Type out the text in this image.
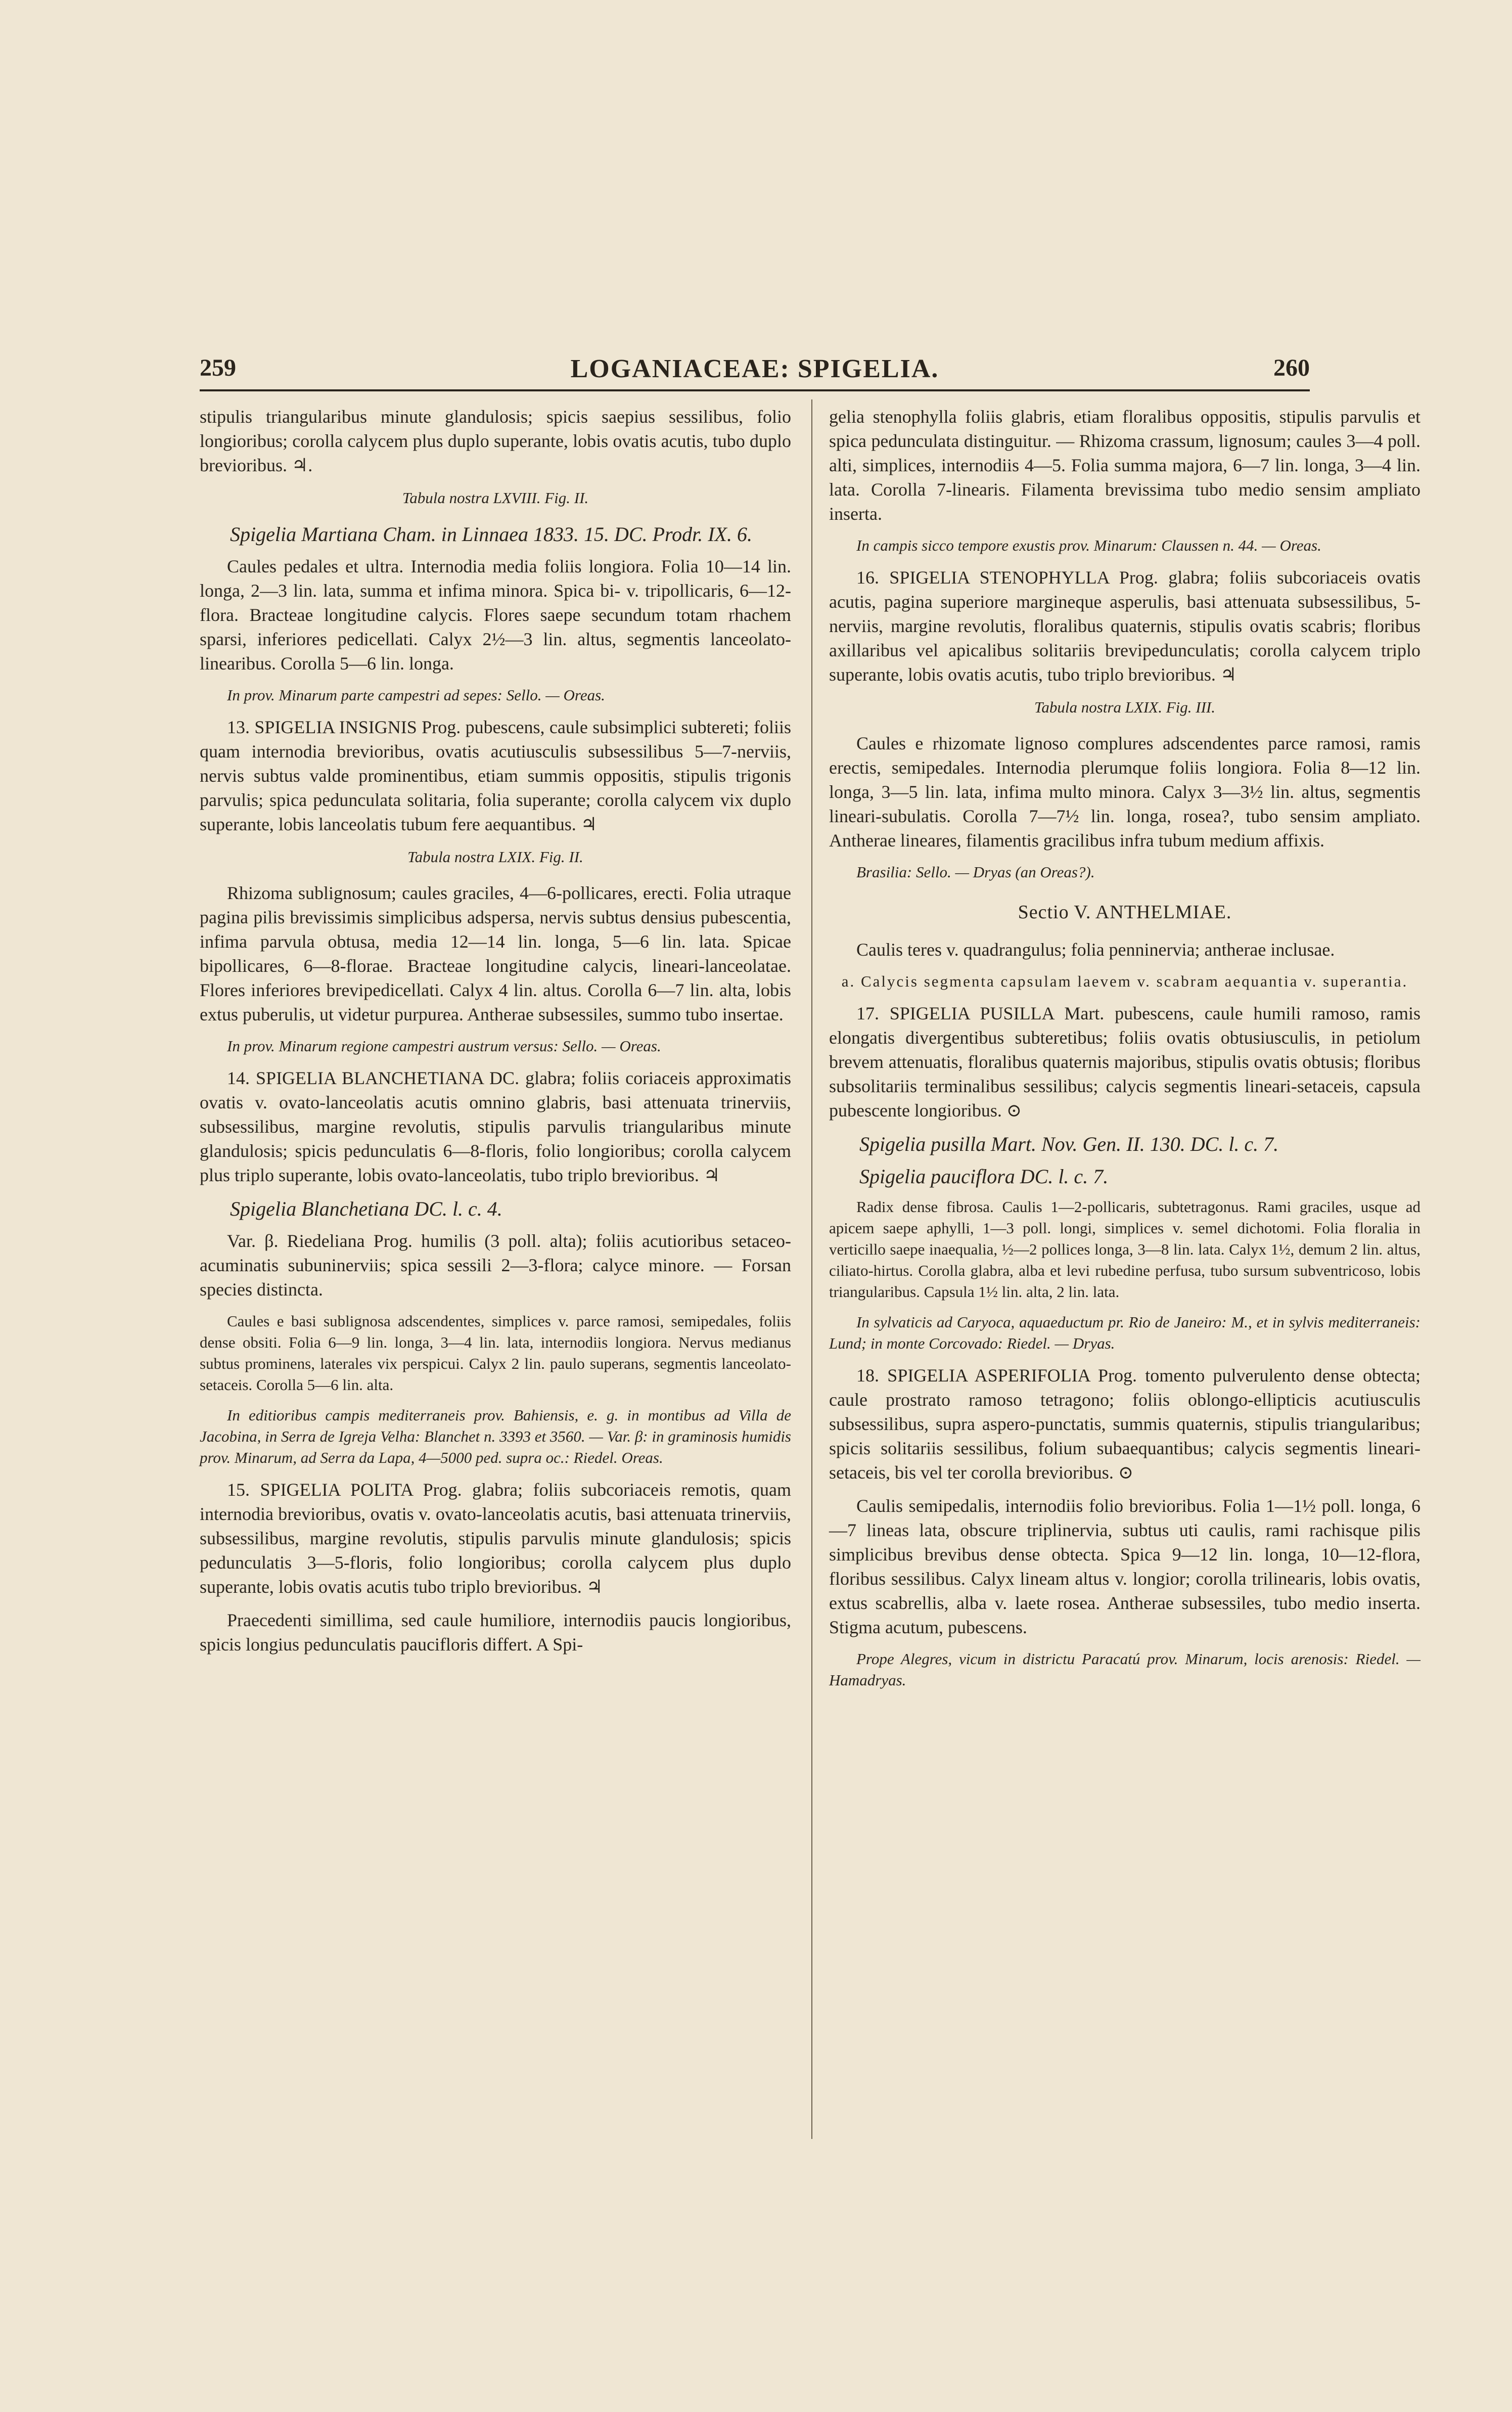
259	LOGANIACEAE: SPIGELIA.	260

stipulis triangularibus minute glandulosis; spicis saepius sessilibus, folio longioribus; corolla calycem plus duplo superante, lobis ovatis acutis, tubo duplo brevioribus. ♃.

Tabula nostra LXVIII. Fig. II.

Spigelia Martiana Cham. in Linnaea 1833. 15. DC. Prodr. IX. 6.

Caules pedales et ultra. Internodia media foliis longiora. Folia 10—14 lin. longa, 2—3 lin. lata, summa et infima minora. Spica bi- v. tripollicaris, 6—12-flora. Bracteae longitudine calycis. Flores saepe secundum totam rhachem sparsi, inferiores pedicellati. Calyx 2½—3 lin. altus, segmentis lanceolato-linearibus. Corolla 5—6 lin. longa.

In prov. Minarum parte campestri ad sepes: Sello. — Oreas.

13. SPIGELIA INSIGNIS Prog. pubescens, caule subsimplici subtereti; foliis quam internodia brevioribus, ovatis acutiusculis subsessilibus 5—7-nerviis, nervis subtus valde prominentibus, etiam summis oppositis, stipulis trigonis parvulis; spica pedunculata solitaria, folia superante; corolla calycem vix duplo superante, lobis lanceolatis tubum fere aequantibus. ♃

Tabula nostra LXIX. Fig. II.

Rhizoma sublignosum; caules graciles, 4—6-pollicares, erecti. Folia utraque pagina pilis brevissimis simplicibus adspersa, nervis subtus densius pubescentia, infima parvula obtusa, media 12—14 lin. longa, 5—6 lin. lata. Spicae bipollicares, 6—8-florae. Bracteae longitudine calycis, lineari-lanceolatae. Flores inferiores brevipedicellati. Calyx 4 lin. altus. Corolla 6—7 lin. alta, lobis extus puberulis, ut videtur purpurea. Antherae subsessiles, summo tubo insertae.

In prov. Minarum regione campestri austrum versus: Sello. — Oreas.

14. SPIGELIA BLANCHETIANA DC. glabra; foliis coriaceis approximatis ovatis v. ovato-lanceolatis acutis omnino glabris, basi attenuata trinerviis, subsessilibus, margine revolutis, stipulis parvulis triangularibus minute glandulosis; spicis pedunculatis 6—8-floris, folio longioribus; corolla calycem plus triplo superante, lobis ovato-lanceolatis, tubo triplo brevioribus. ♃

Spigelia Blanchetiana DC. l. c. 4.

Var. β. Riedeliana Prog. humilis (3 poll. alta); foliis acutioribus setaceo-acuminatis subuninerviis; spica sessili 2—3-flora; calyce minore. — Forsan species distincta.

Caules e basi sublignosa adscendentes, simplices v. parce ramosi, semipedales, foliis dense obsiti. Folia 6—9 lin. longa, 3—4 lin. lata, internodiis longiora. Nervus medianus subtus prominens, laterales vix perspicui. Calyx 2 lin. paulo superans, segmentis lanceolato-setaceis. Corolla 5—6 lin. alta.

In editioribus campis mediterraneis prov. Bahiensis, e. g. in montibus ad Villa de Jacobina, in Serra de Igreja Velha: Blanchet n. 3393 et 3560. — Var. β: in graminosis humidis prov. Minarum, ad Serra da Lapa, 4—5000 ped. supra oc.: Riedel. Oreas.

15. SPIGELIA POLITA Prog. glabra; foliis subcoriaceis remotis, quam internodia brevioribus, ovatis v. ovato-lanceolatis acutis, basi attenuata trinerviis, subsessilibus, margine revolutis, stipulis parvulis minute glandulosis; spicis pedunculatis 3—5-floris, folio longioribus; corolla calycem plus duplo superante, lobis ovatis acutis tubo triplo brevioribus. ♃

Praecedenti simillima, sed caule humiliore, internodiis paucis longioribus, spicis longius pedunculatis paucifloris differt. A Spi-

gelia stenophylla foliis glabris, etiam floralibus oppositis, stipulis parvulis et spica pedunculata distinguitur. — Rhizoma crassum, lignosum; caules 3—4 poll. alti, simplices, internodiis 4—5. Folia summa majora, 6—7 lin. longa, 3—4 lin. lata. Corolla 7-linearis. Filamenta brevissima tubo medio sensim ampliato inserta.

In campis sicco tempore exustis prov. Minarum: Claussen n. 44. — Oreas.

16. SPIGELIA STENOPHYLLA Prog. glabra; foliis subcoriaceis ovatis acutis, pagina superiore margineque asperulis, basi attenuata subsessilibus, 5-nerviis, margine revolutis, floralibus quaternis, stipulis ovatis scabris; floribus axillaribus vel apicalibus solitariis brevipedunculatis; corolla calycem triplo superante, lobis ovatis acutis, tubo triplo brevioribus. ♃

Tabula nostra LXIX. Fig. III.

Caules e rhizomate lignoso complures adscendentes parce ramosi, ramis erectis, semipedales. Internodia plerumque foliis longiora. Folia 8—12 lin. longa, 3—5 lin. lata, infima multo minora. Calyx 3—3½ lin. altus, segmentis lineari-subulatis. Corolla 7—7½ lin. longa, rosea?, tubo sensim ampliato. Antherae lineares, filamentis gracilibus infra tubum medium affixis.

Brasilia: Sello. — Dryas (an Oreas?).

Sectio V. ANTHELMIAE.

Caulis teres v. quadrangulus; folia penninervia; antherae inclusae.

a. Calycis segmenta capsulam laevem v. scabram aequantia v. superantia.

17. SPIGELIA PUSILLA Mart. pubescens, caule humili ramoso, ramis elongatis divergentibus subteretibus; foliis ovatis obtusiusculis, in petiolum brevem attenuatis, floralibus quaternis majoribus, stipulis ovatis obtusis; floribus subsolitariis terminalibus sessilibus; calycis segmentis lineari-setaceis, capsula pubescente longioribus. ⊙

Spigelia pusilla Mart. Nov. Gen. II. 130. DC. l. c. 7.

Spigelia pauciflora DC. l. c. 7.

Radix dense fibrosa. Caulis 1—2-pollicaris, subtetragonus. Rami graciles, usque ad apicem saepe aphylli, 1—3 poll. longi, simplices v. semel dichotomi. Folia floralia in verticillo saepe inaequalia, ½—2 pollices longa, 3—8 lin. lata. Calyx 1½, demum 2 lin. altus, ciliato-hirtus. Corolla glabra, alba et levi rubedine perfusa, tubo sursum subventricoso, lobis triangularibus. Capsula 1½ lin. alta, 2 lin. lata.

In sylvaticis ad Caryoca, aquaeductum pr. Rio de Janeiro: M., et in sylvis mediterraneis: Lund; in monte Corcovado: Riedel. — Dryas.

18. SPIGELIA ASPERIFOLIA Prog. tomento pulverulento dense obtecta; caule prostrato ramoso tetragono; foliis oblongo-ellipticis acutiusculis subsessilibus, supra aspero-punctatis, summis quaternis, stipulis triangularibus; spicis solitariis sessilibus, folium subaequantibus; calycis segmentis lineari-setaceis, bis vel ter corolla brevioribus. ⊙

Caulis semipedalis, internodiis folio brevioribus. Folia 1—1½ poll. longa, 6—7 lineas lata, obscure triplinervia, subtus uti caulis, rami rachisque pilis simplicibus brevibus dense obtecta. Spica 9—12 lin. longa, 10—12-flora, floribus sessilibus. Calyx lineam altus v. longior; corolla trilinearis, lobis ovatis, extus scabrellis, alba v. laete rosea. Antherae subsessiles, tubo medio inserta. Stigma acutum, pubescens.

Prope Alegres, vicum in districtu Paracatú prov. Minarum, locis arenosis: Riedel. — Hamadryas.
